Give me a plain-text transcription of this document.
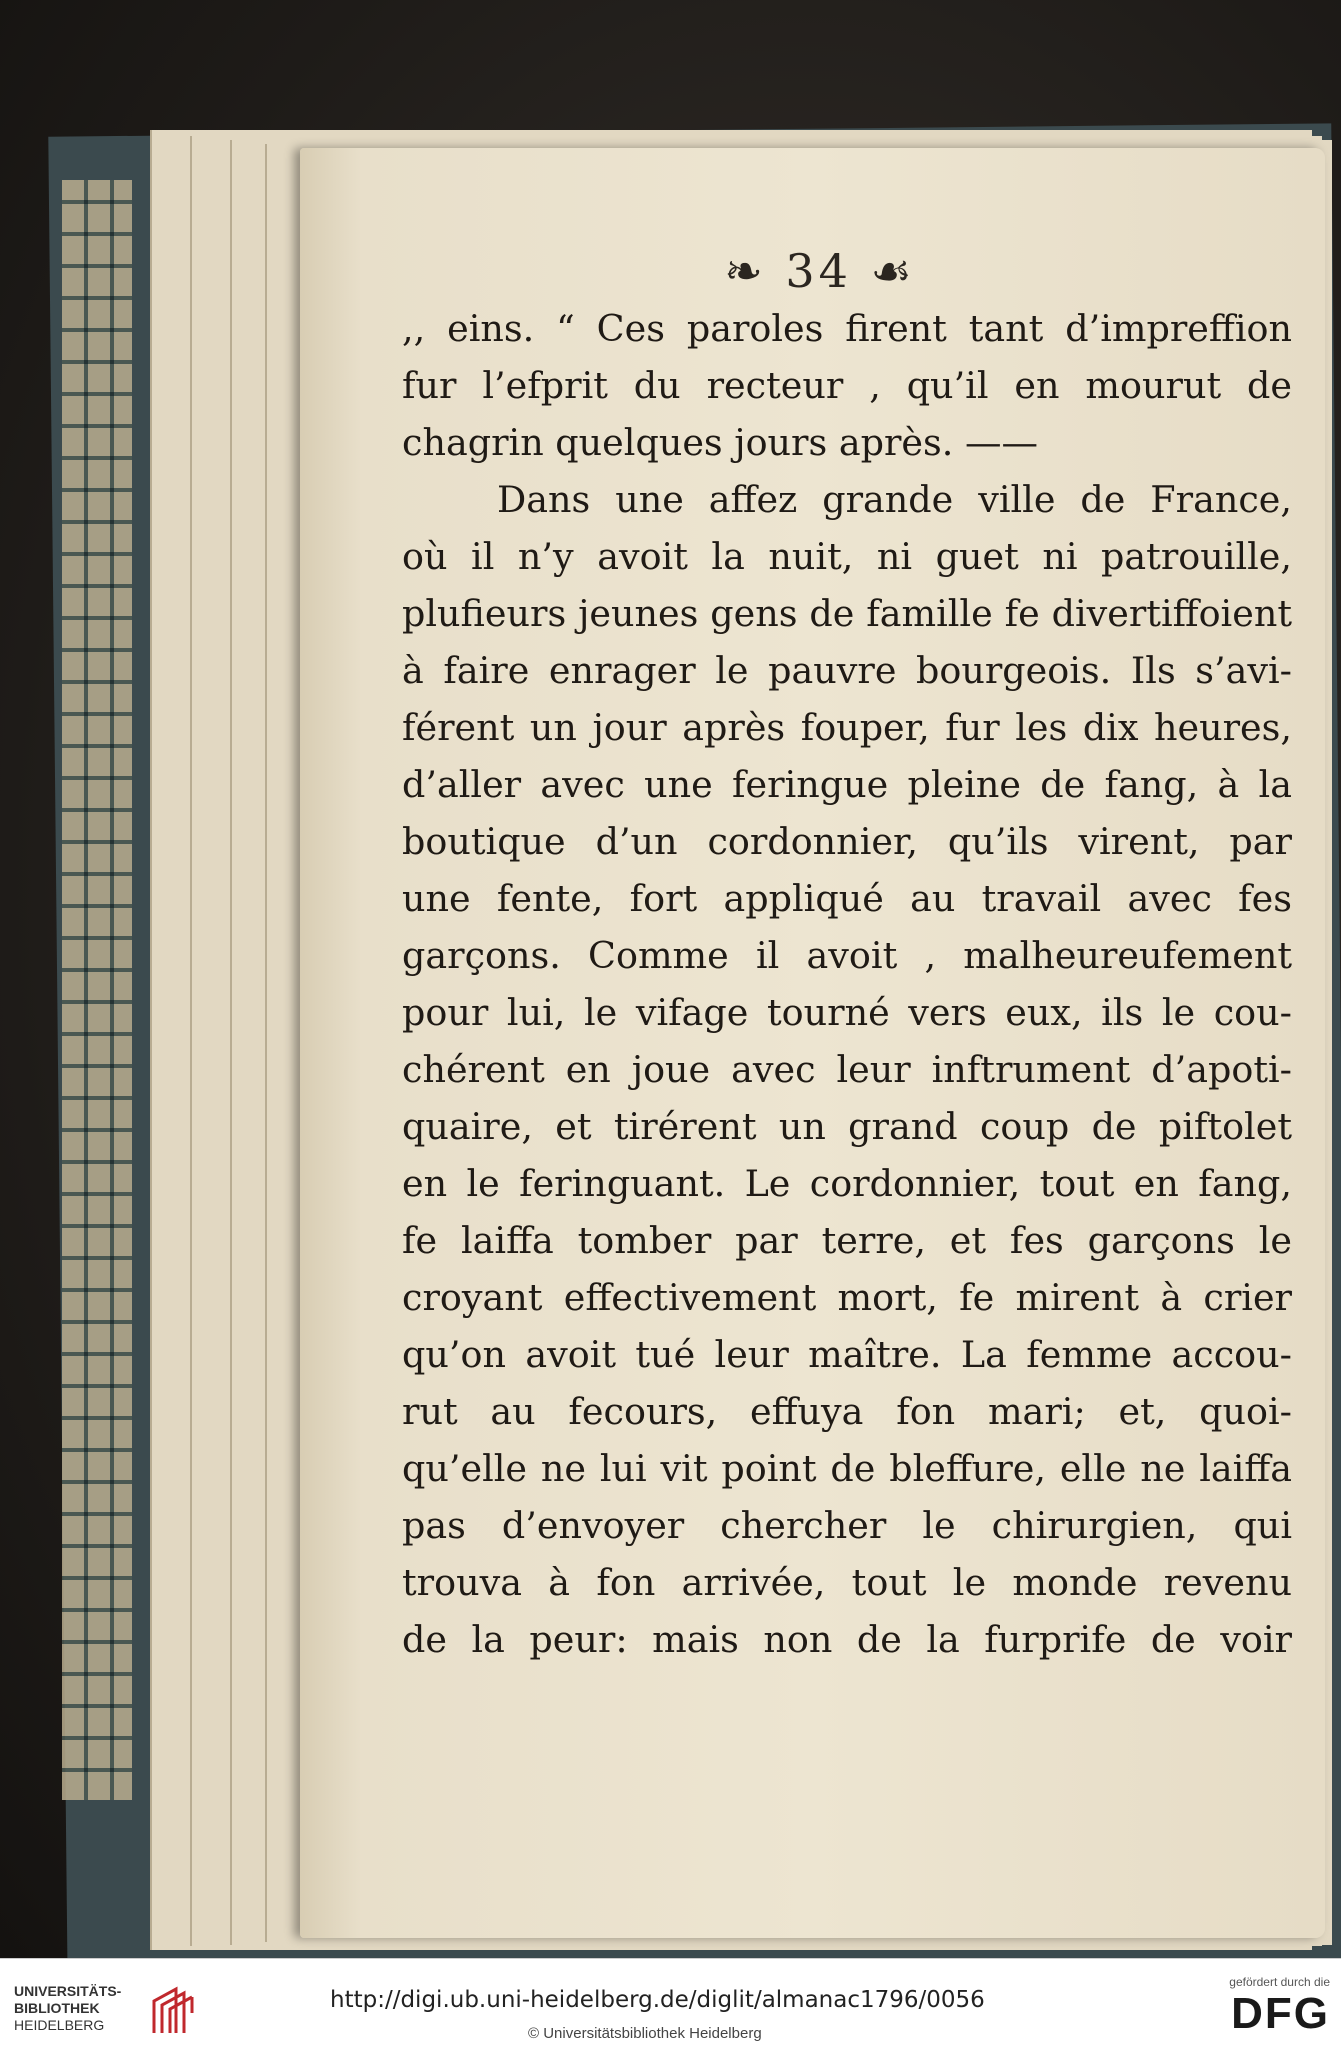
❧ 34 ☙
,, eins. “ Ces paroles firent tant d’impreffion
fur l’efprit du recteur , qu’il en mourut de
chagrin quelques jours après. ——
Dans une affez grande ville de France,
où il n’y avoit la nuit, ni guet ni patrouille,
plufieurs jeunes gens de famille fe divertiffoient
à faire enrager le pauvre bourgeois. Ils s’avi-
férent un jour après fouper, fur les dix heures,
d’aller avec une feringue pleine de fang, à la
boutique d’un cordonnier, qu’ils virent, par
une fente, fort appliqué au travail avec fes
garçons. Comme il avoit , malheureufement
pour lui, le vifage tourné vers eux, ils le cou-
chérent en joue avec leur inftrument d’apoti-
quaire, et tirérent un grand coup de piftolet
en le feringuant. Le cordonnier, tout en fang,
fe laiffa tomber par terre, et fes garçons le
croyant effectivement mort, fe mirent à crier
qu’on avoit tué leur maître. La femme accou-
rut au fecours, effuya fon mari; et, quoi-
qu’elle ne lui vit point de bleffure, elle ne laiffa
pas d’envoyer chercher le chirurgien, qui
trouva à fon arrivée, tout le monde revenu
de la peur: mais non de la furprife de voir
UNIVERSITÄTS-
BIBLIOTHEK
HEIDELBERG
http://digi.ub.uni-heidelberg.de/diglit/almanac1796/0056
© Universitätsbibliothek Heidelberg
gefördert durch die
DFG
